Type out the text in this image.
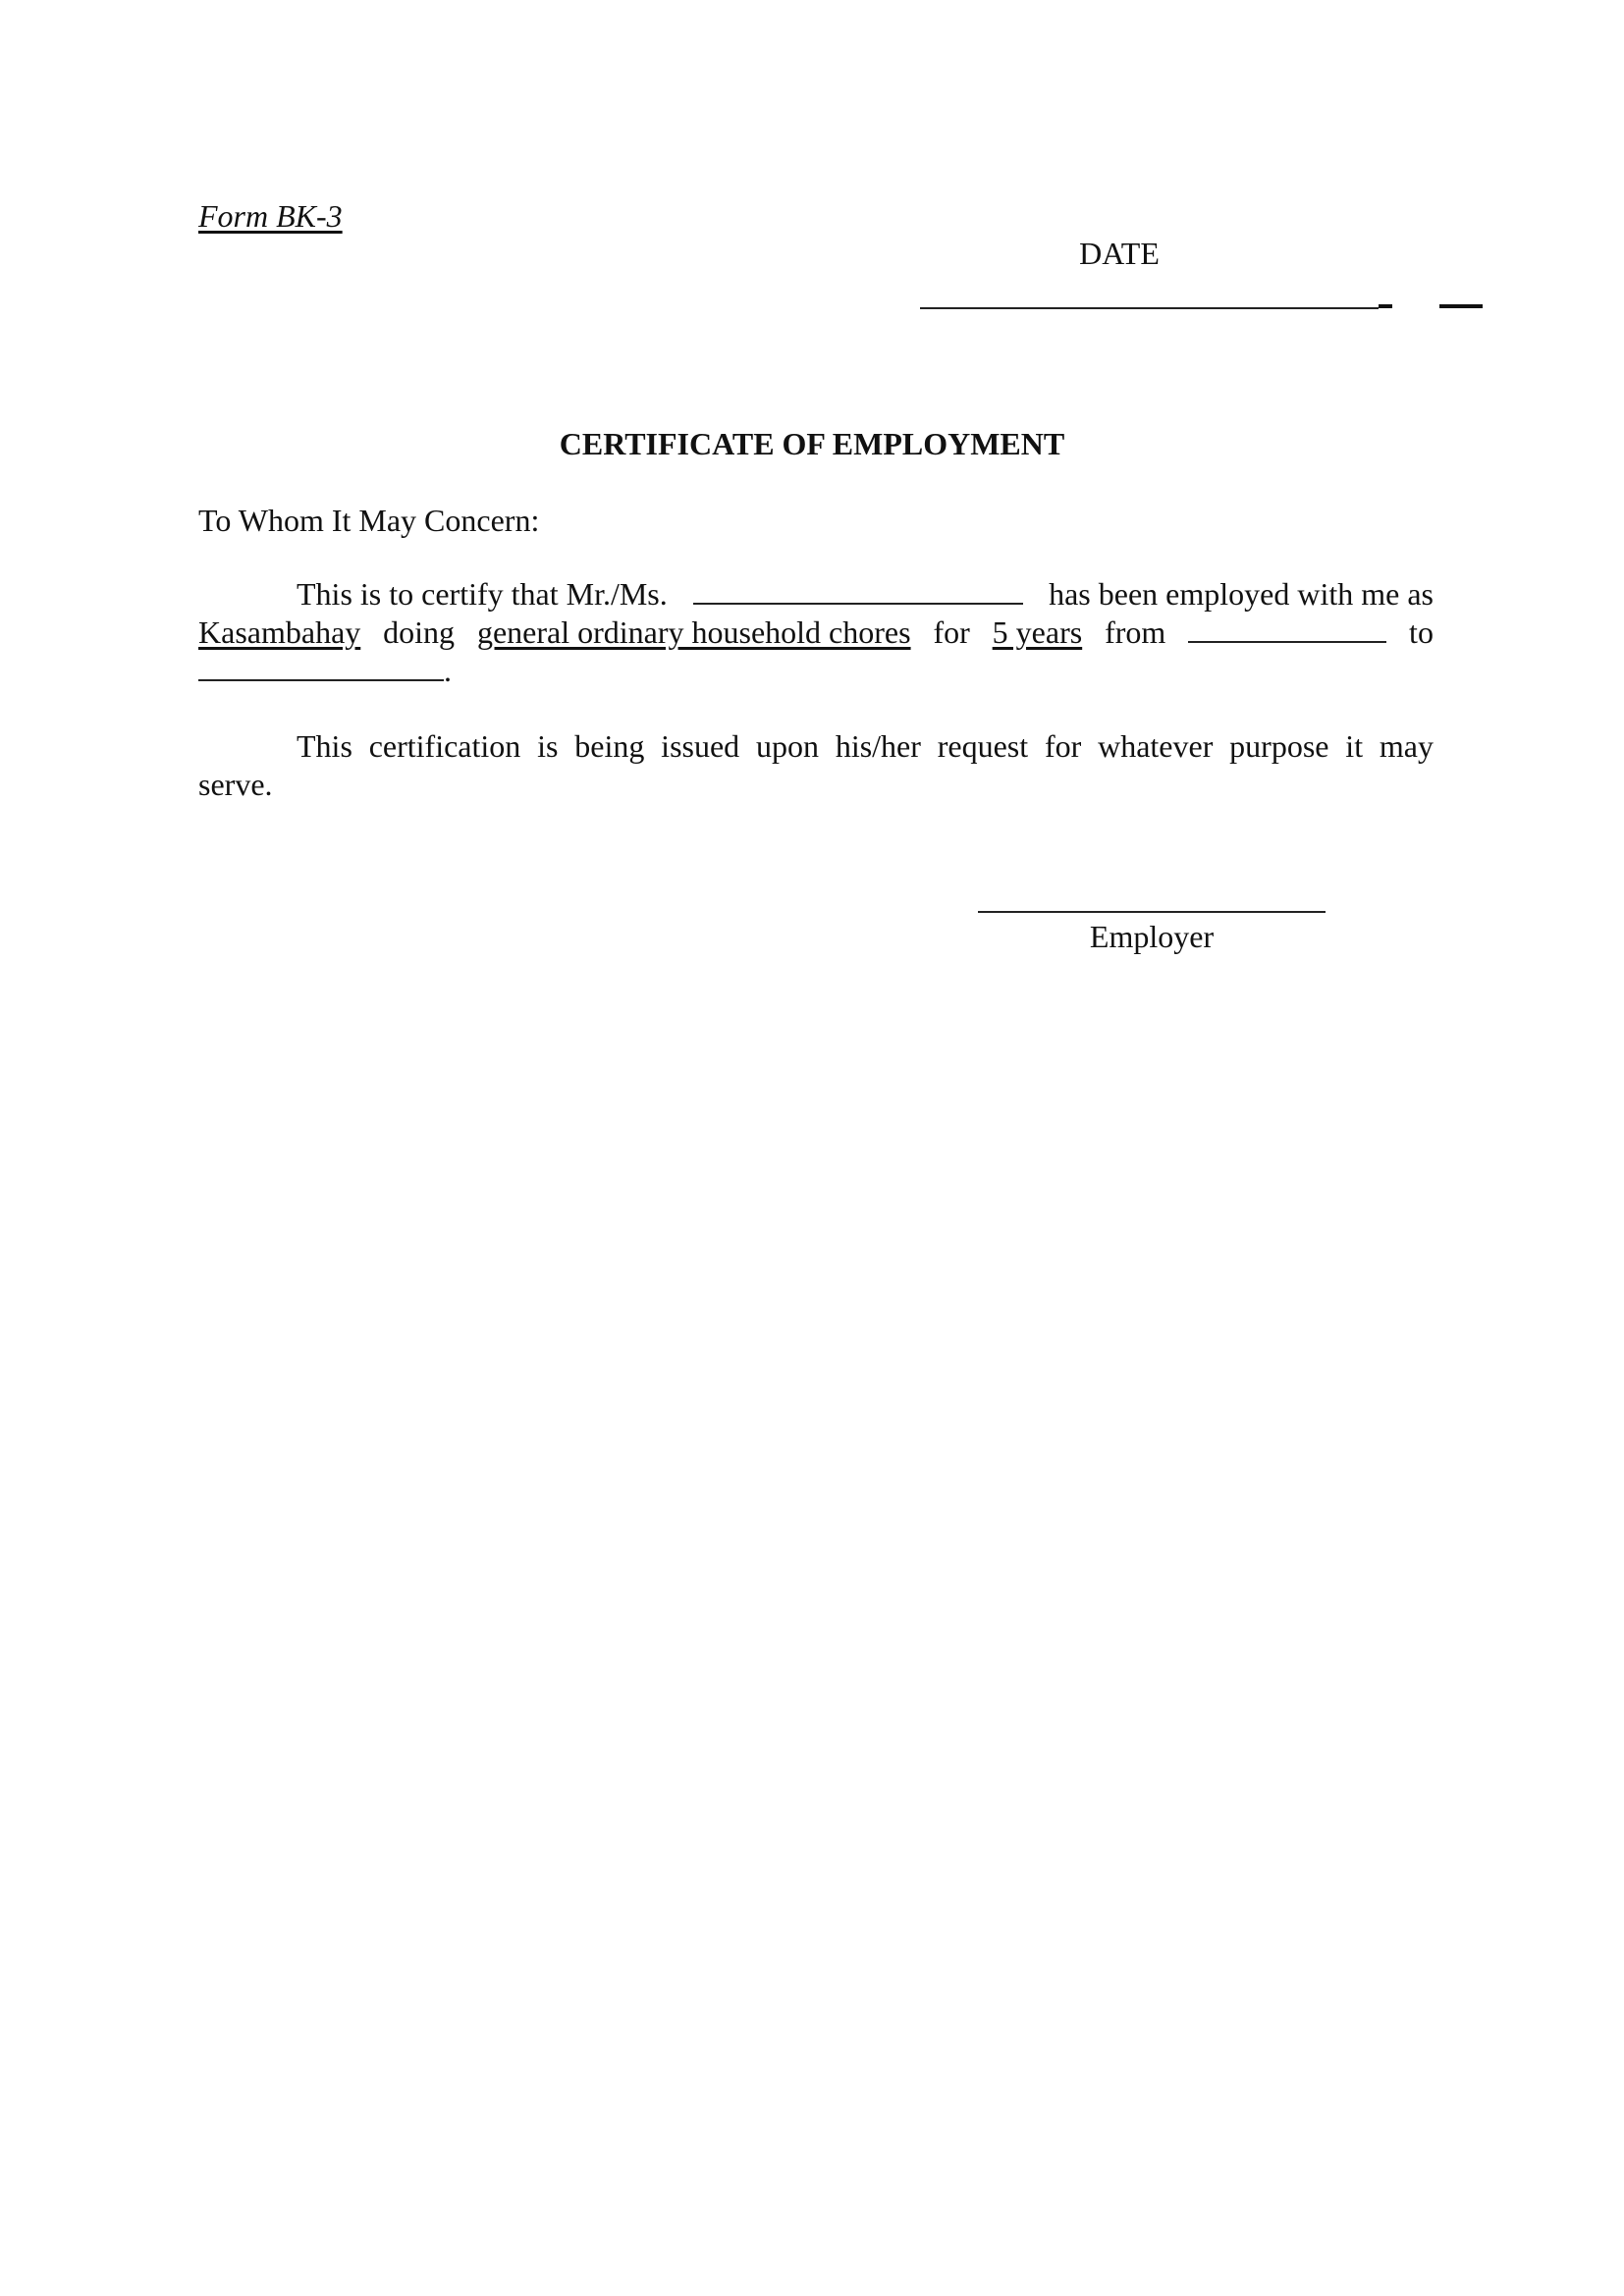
Form BK-3
DATE
CERTIFICATE OF EMPLOYMENT
To Whom It May Concern:
This is to certify that Mr./Ms.	has been employed with me as
Kasambahay doing general ordinary household chores for 5 years from	to
.
This certification is being issued upon his/her request for whatever purpose it may
serve.
Employer
